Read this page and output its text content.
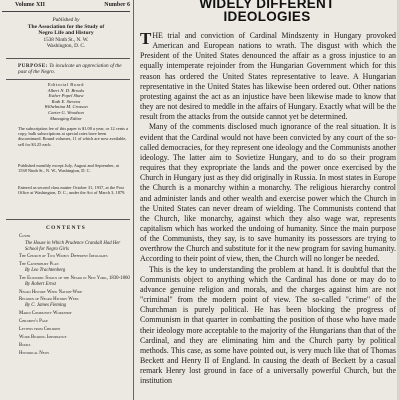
Volume XII	Number 6
Published by
The Association for the Study of
Negro Life and History
1538 Ninth St., N. W.
Washington, D. C.
PURPOSE: To inculcate an appreciation of the past of the Negro.
Editorial Board
Albert N. D. Brooks
Esther Popel Shaw
Ruth E. Stevens
Wilhelmina M. Crosson
Carter G. Woodson
Managing Editor
The subscription fee of this paper is $1.00 a year, or 12 cents a copy, bulk subscriptions at special rates have been discontinued. Bound volumes, 11 of which are now available, sell for $3.25 each.
Published monthly except July, August and September, at 1538 Ninth St., N. W., Washington, D. C.
Entered as second class matter October 31, 1937, at the Post Office at Washington, D. C., under the Act of March 3, 1879.
CONTENTS
Cover
The House in Which Prudence Crandall Had Her School for Negro Girls
The Church of Two Widely Different Ideologies
The Canterbury Plan
By Leo Trachtenberg
The Economic Status of the Negro in New York, 1830-1860
By Robert Ernst
Negro History Week Nation-Wide
Records of Negro History Week
By C. James Fleming
Mardi Community Workshop
Children's Page
Letters from Children
Work Bearing Importance
Books
Historical News
WIDELY DIFFERENT
IDEOLOGIES

THE trial and conviction of Cardinal Mindszenty in Hungary provoked American and European nations to wrath. The disgust with which the President of the United States denounced the affair as a gross injustice to an equally intemperate rejoinder from the Hungarian Government which for this reason has ordered the United States representative to leave. A Hungarian representative in the United States has likewise been ordered out. Other nations protesting against the act as an injustice have been likewise made to know that they are not desired to meddle in the affairs of Hungary. Exactly what will be the result from the attacks from the outside cannot yet be determined.

Many of the comments disclosed much ignorance of the real situation. It is evident that the Cardinal would not have been convicted by any court of the so-called democracies, for they represent one ideology and the Communists another ideology. The latter aim to Sovietize Hungary, and to do so their program requires that they expropriate the lands and the power once exercised by the Church in Hungary just as they did originally in Russia. In most states in Europe the Church is a monarchy within a monarchy. The religious hierarchy control and administer lands and other wealth and exercise power which the Church in the United States can never dream of wielding. The Communists contend that the Church, like monarchy, against which they also wage war, represents capitalism which has worked the undoing of humanity. Since the main purpose of the Communists, they say, is to save humanity its possessors are trying to overthrow the Church and substitute for it the new program for saving humanity. According to their point of view, then, the Church will no longer be needed.

This is the key to understanding the problem at hand. It is doubtful that the Communists object to anything which the Cardinal has done or may do to advance genuine religion and morals, and the charges against him are not "criminal" from the modern point of view. The so-called "crime" of the Churchman is purely political. He has been blocking the progress of Communism in that quarter in combatting the position of those who have made their ideology more acceptable to the majority of the Hungarians than that of the Cardinal, and they are eliminating him and the Church party by political methods. This case, as some have pointed out, is very much like that of Thomas Beckett and Henry II of England. In causing the death of Beckett by a casual remark Henry lost ground in face of a universally powerful Church, but the institution
